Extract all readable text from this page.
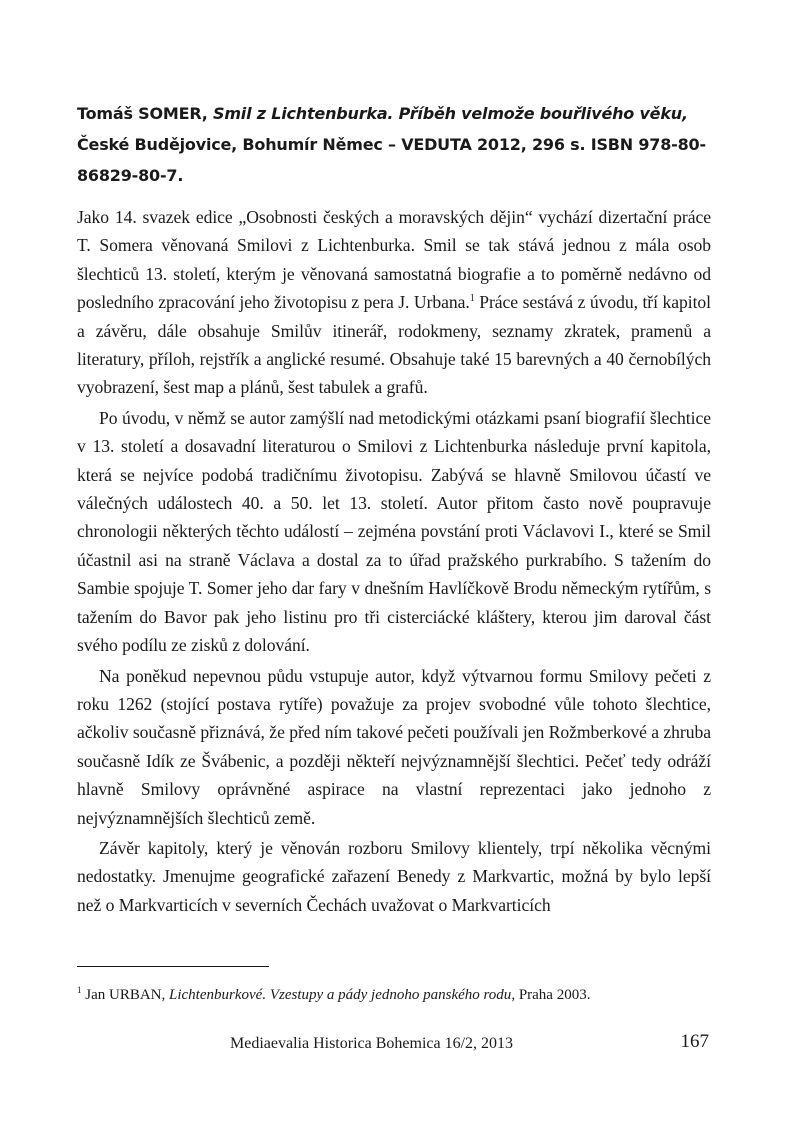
Tomáš SOMER, Smil z Lichtenburka. Příběh velmože bouřlivého věku, České Budějovice, Bohumír Němec – VEDUTA 2012, 296 s. ISBN 978-80-86829-80-7.

Jako 14. svazek edice „Osobnosti českých a moravských dějin“ vychází dizertační práce T. Somera věnovaná Smilovi z Lichtenburka. Smil se tak stává jednou z mála osob šlechticů 13. století, kterým je věnovaná samostatná biografie a to poměrně nedávno od posledního zpracování jeho životopisu z pera J. Urbana.$^1$ Práce sestává z úvodu, tří kapitol a závěru, dále obsahuje Smilův itinerář, rodokmeny, seznamy zkratek, pramenů a literatury, příloh, rejstřík a anglické resumé. Obsahuje také 15 barevných a 40 černobílých vyobrazení, šest map a plánů, šest tabulek a grafů.

Po úvodu, v němž se autor zamýšlí nad metodickými otázkami psaní biografií šlechtice v 13. století a dosavadní literaturou o Smilovi z Lichtenburka následuje první kapitola, která se nejvíce podobá tradičnímu životopisu. Zabývá se hlavně Smilovou účastí ve válečných událostech 40. a 50. let 13. století. Autor přitom často nově poupravuje chronologii některých těchto událostí – zejména povstání proti Václavovi I., které se Smil účastnil asi na straně Václava a dostal za to úřad pražského purkrabího. S tažením do Sambie spojuje T. Somer jeho dar fary v dnešním Havlíčkově Brodu německým rytířům, s tažením do Bavor pak jeho listinu pro tři cisterciácké kláštery, kterou jim daroval část svého podílu ze zisků z dolování.

Na poněkud nepevnou půdu vstupuje autor, když výtvarnou formu Smilovy pečeti z roku 1262 (stojící postava rytíře) považuje za projev svobodné vůle tohoto šlechtice, ačkoliv současně přiznává, že před ním takové pečeti používali jen Rožmberkové a zhruba současně Idík ze Švábenic, a později někteří nejvýznamnější šlechtici. Pečeť tedy odráží hlavně Smilovy oprávněné aspirace na vlastní reprezentaci jako jednoho z nejvýznamnějších šlechticů země.

Závěr kapitoly, který je věnován rozboru Smilovy klientely, trpí několika věcnými nedostatky. Jmenujme geografické zařazení Benedy z Markvartic, možná by bylo lepší než o Markvarticích v severních Čechách uvažovat o Markvarticích

$^1$ Jan URBAN, Lichtenburkové. Vzestupy a pády jednoho panského rodu, Praha 2003.
Mediaevalia Historica Bohemica 16/2, 2013	167
